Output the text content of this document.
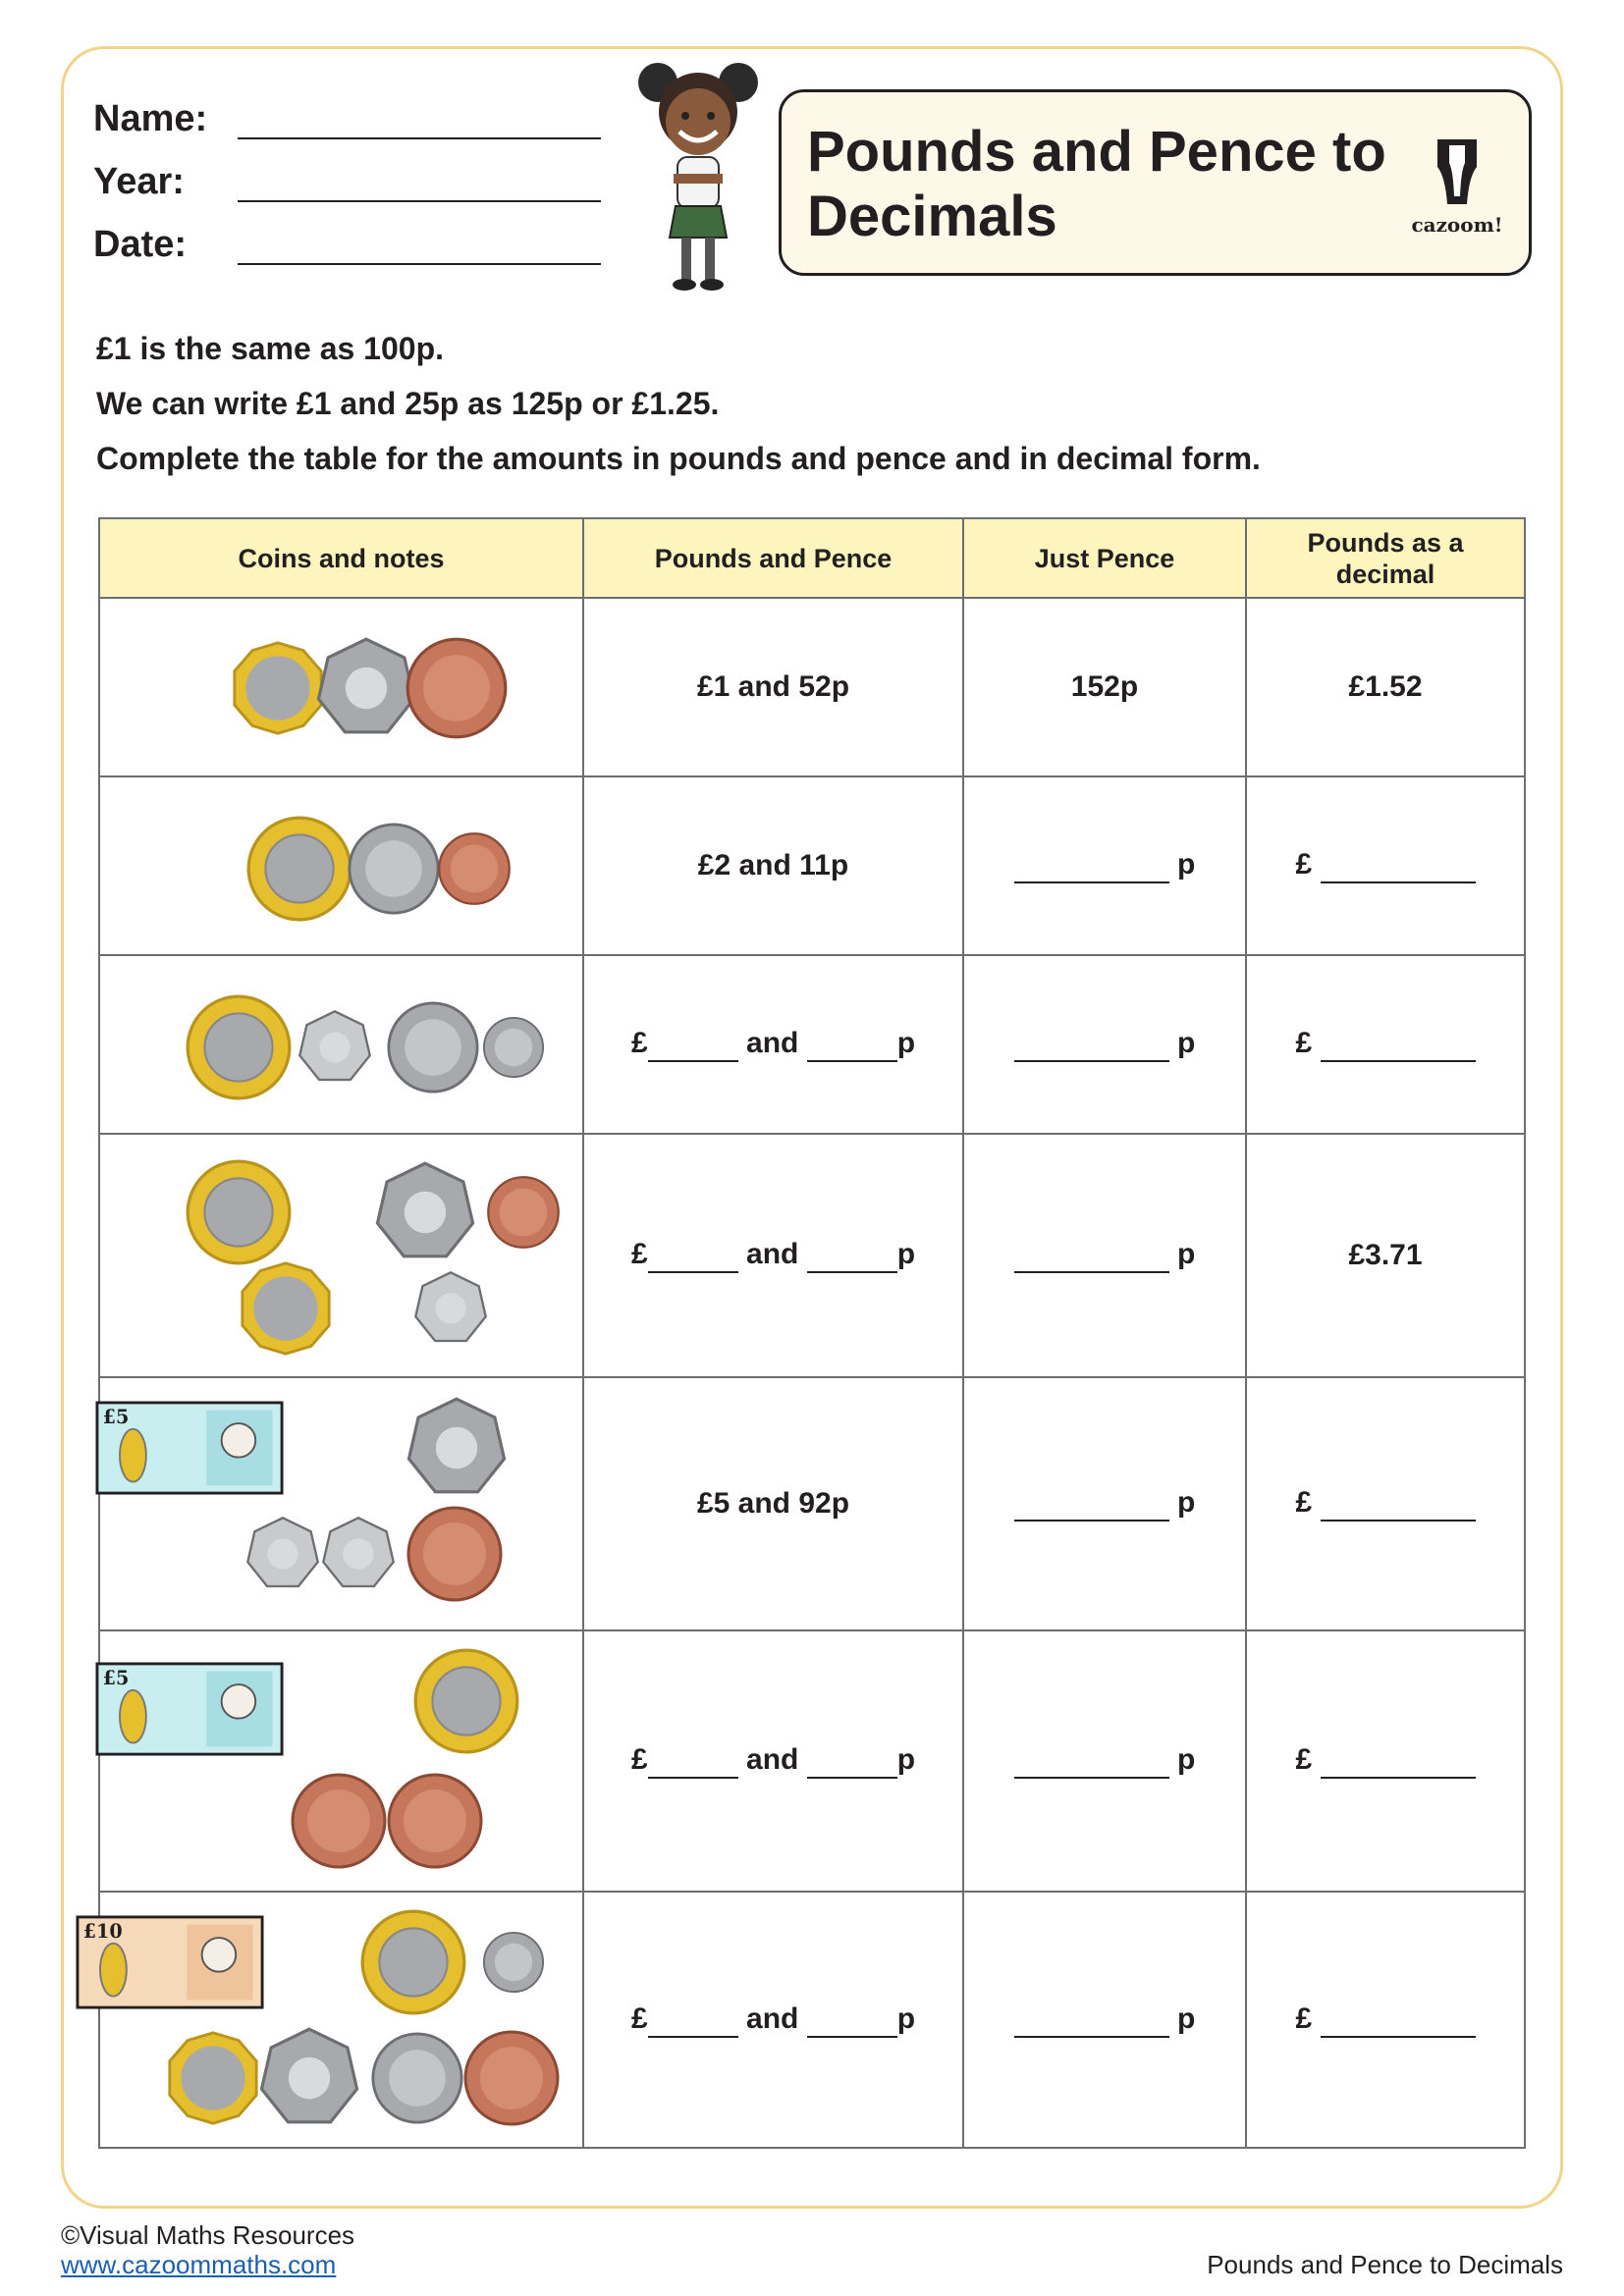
Name:
Year:
Date:
Pounds and Pence to Decimals	cazoom!

£1 is the same as 100p.

We can write £1 and 25p as 125p or £1.25.

Complete the table for the amounts in pounds and pence and in decimal form.

Coins and notes	Pounds and Pence	Just Pence	Pounds as a decimal

	£1 and 52p	152p	£1.52

	£2 and 11p	p	£

	£ and p	p	£

	£ and p	p	£3.71

£5	£5 and 92p	p	£

£5	£ and p	p	£

£10	£ and p	p	£
©Visual Maths Resources
www.cazoommaths.com	Pounds and Pence to Decimals
